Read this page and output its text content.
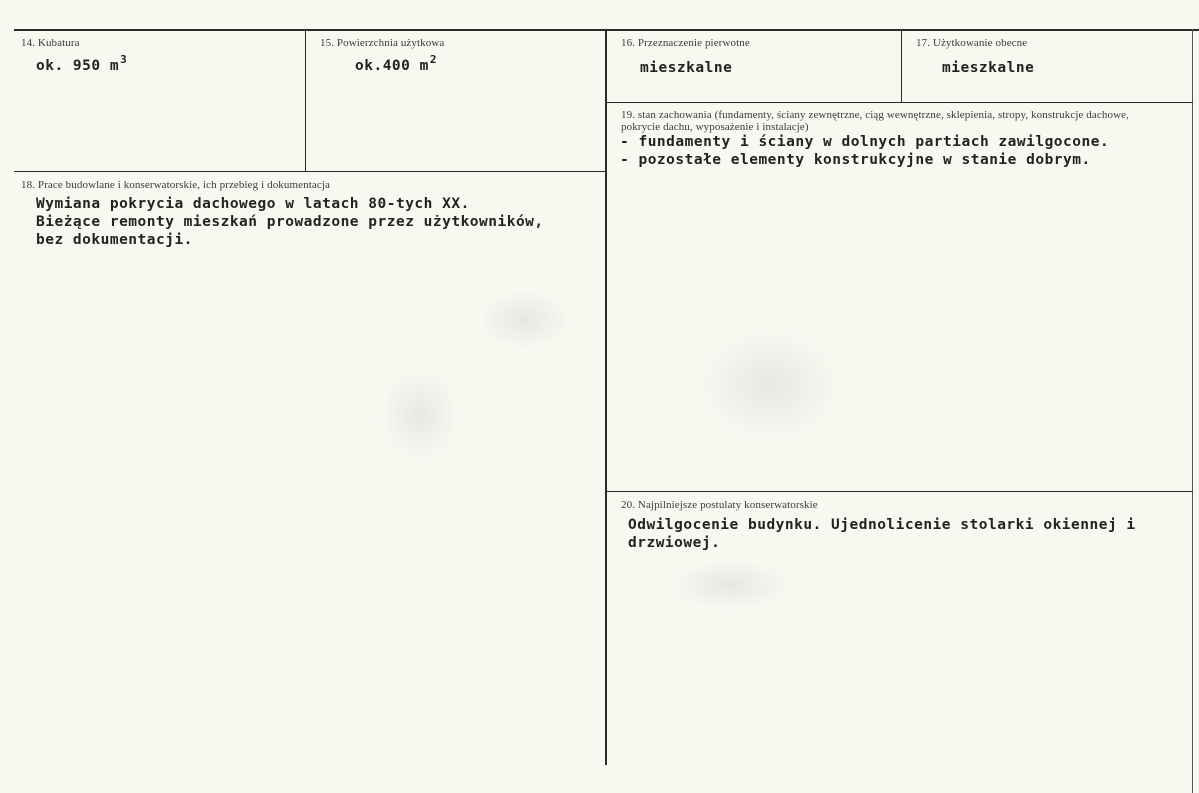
14. Kubatura
ok. 950 $m^3$
15. Powierzchnia użytkowa
ok.400 $m^2$
16. Przeznaczenie pierwotne
mieszkalne
17. Użytkowanie obecne
mieszkalne
19. stan zachowania (fundamenty, ściany zewnętrzne, ciąg wewnętrzne, sklepienia, stropy, konstrukcje dachowe, pokrycie dachu, wyposażenie i instalacje)
- fundamenty i ściany w dolnych partiach zawilgocone.
- pozostałe elementy konstrukcyjne w stanie dobrym.
18. Prace budowlane i konserwatorskie, ich przebieg i dokumentacja
Wymiana pokrycia dachowego w latach 80-tych XX.
Bieżące remonty mieszkań prowadzone przez użytkowników,
bez dokumentacji.
20. Najpilniejsze postulaty konserwatorskie
Odwilgocenie budynku. Ujednolicenie stolarki okiennej i
drzwiowej.
